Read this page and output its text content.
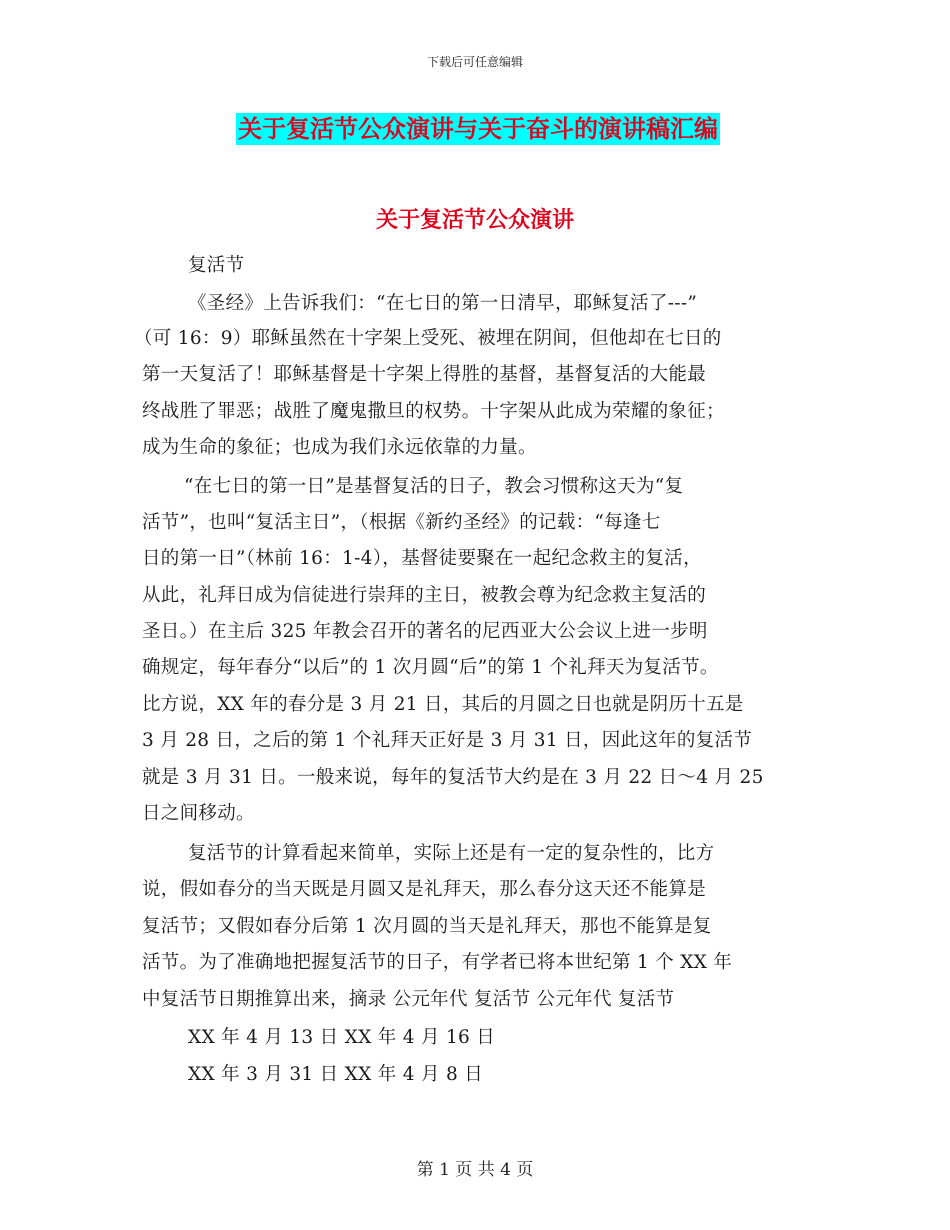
下载后可任意编辑
关于复活节公众演讲与关于奋斗的演讲稿汇编
关于复活节公众演讲
复活节
《圣经》上告诉我们：“在七日的第一日清早，耶稣复活了---”
（可 16：9）耶稣虽然在十字架上受死、被埋在阴间，但他却在七日的
第一天复活了！耶稣基督是十字架上得胜的基督，基督复活的大能最
终战胜了罪恶；战胜了魔鬼撒旦的权势。十字架从此成为荣耀的象征；
成为生命的象征；也成为我们永远依靠的力量。
“在七日的第一日”是基督复活的日子，教会习惯称这天为“复
活节”，也叫“复活主日”，（根据《新约圣经》的记载：“每逢七
日的第一日”（林前 16：1-4），基督徒要聚在一起纪念救主的复活，
从此，礼拜日成为信徒进行崇拜的主日，被教会尊为纪念救主复活的
圣日。）在主后 325 年教会召开的著名的尼西亚大公会议上进一步明
确规定，每年春分“以后”的 1 次月圆“后”的第 1 个礼拜天为复活节。
比方说，XX 年的春分是 3 月 21 日，其后的月圆之日也就是阴历十五是
3 月 28 日，之后的第 1 个礼拜天正好是 3 月 31 日，因此这年的复活节
就是 3 月 31 日。一般来说，每年的复活节大约是在 3 月 22 日～4 月 25
日之间移动。
复活节的计算看起来简单，实际上还是有一定的复杂性的，比方
说，假如春分的当天既是月圆又是礼拜天，那么春分这天还不能算是
复活节；又假如春分后第 1 次月圆的当天是礼拜天，那也不能算是复
活节。为了准确地把握复活节的日子，有学者已将本世纪第 1 个 XX 年
中复活节日期推算出来，摘录 公元年代 复活节 公元年代 复活节
XX 年 4 月 13 日 XX 年 4 月 16 日
XX 年 3 月 31 日 XX 年 4 月 8 日
第 1 页 共 4 页
